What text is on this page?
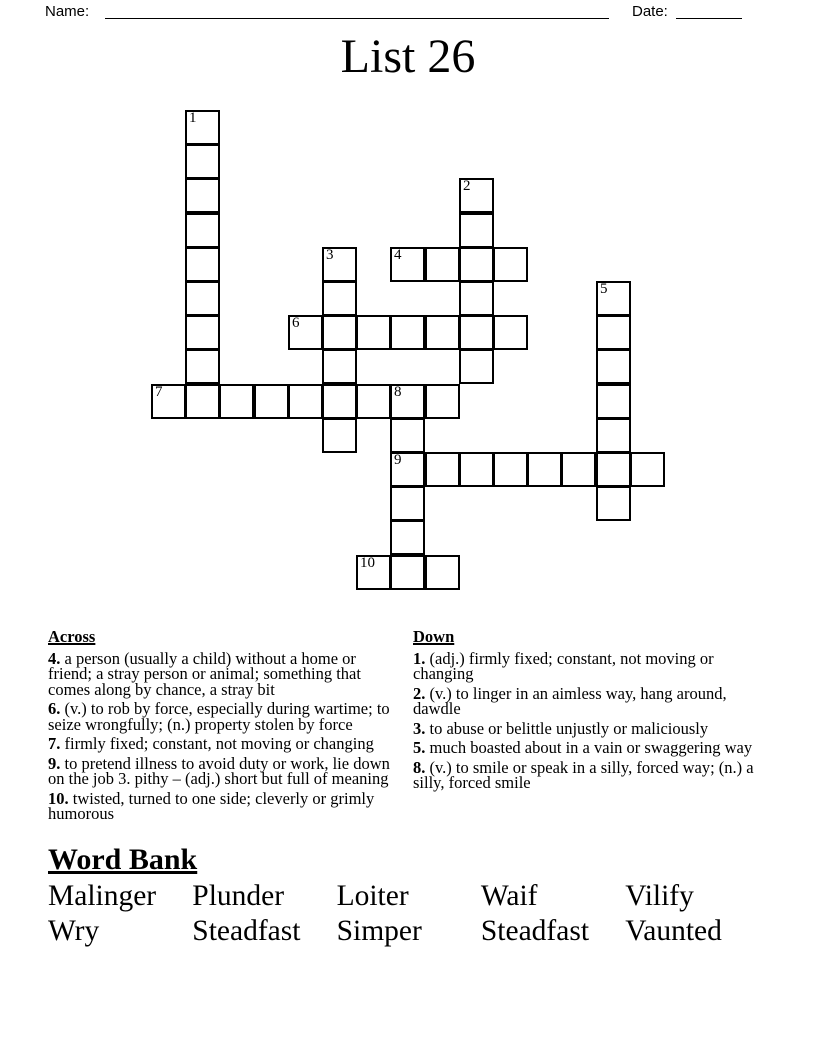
Name:	Date:
List 26
1
2
3	4
5
6
7	8
9
10
Across

4. a person (usually a child) without a home or friend; a stray person or animal; something that comes along by chance, a stray bit

6. (v.) to rob by force, especially during wartime; to seize wrongfully; (n.) property stolen by force

7. firmly fixed; constant, not moving or changing

9. to pretend illness to avoid duty or work, lie down on the job 3. pithy – (adj.) short but full of meaning

10. twisted, turned to one side; cleverly or grimly humorous

Down

1. (adj.) firmly fixed; constant, not moving or changing

2. (v.) to linger in an aimless way, hang around, dawdle

3. to abuse or belittle unjustly or maliciously

5. much boasted about in a vain or swaggering way

8. (v.) to smile or speak in a silly, forced way; (n.) a silly, forced smile

Word Bank
Malinger	Plunder	Loiter	Waif	Vilify
Wry	Steadfast	Simper	Steadfast	Vaunted
